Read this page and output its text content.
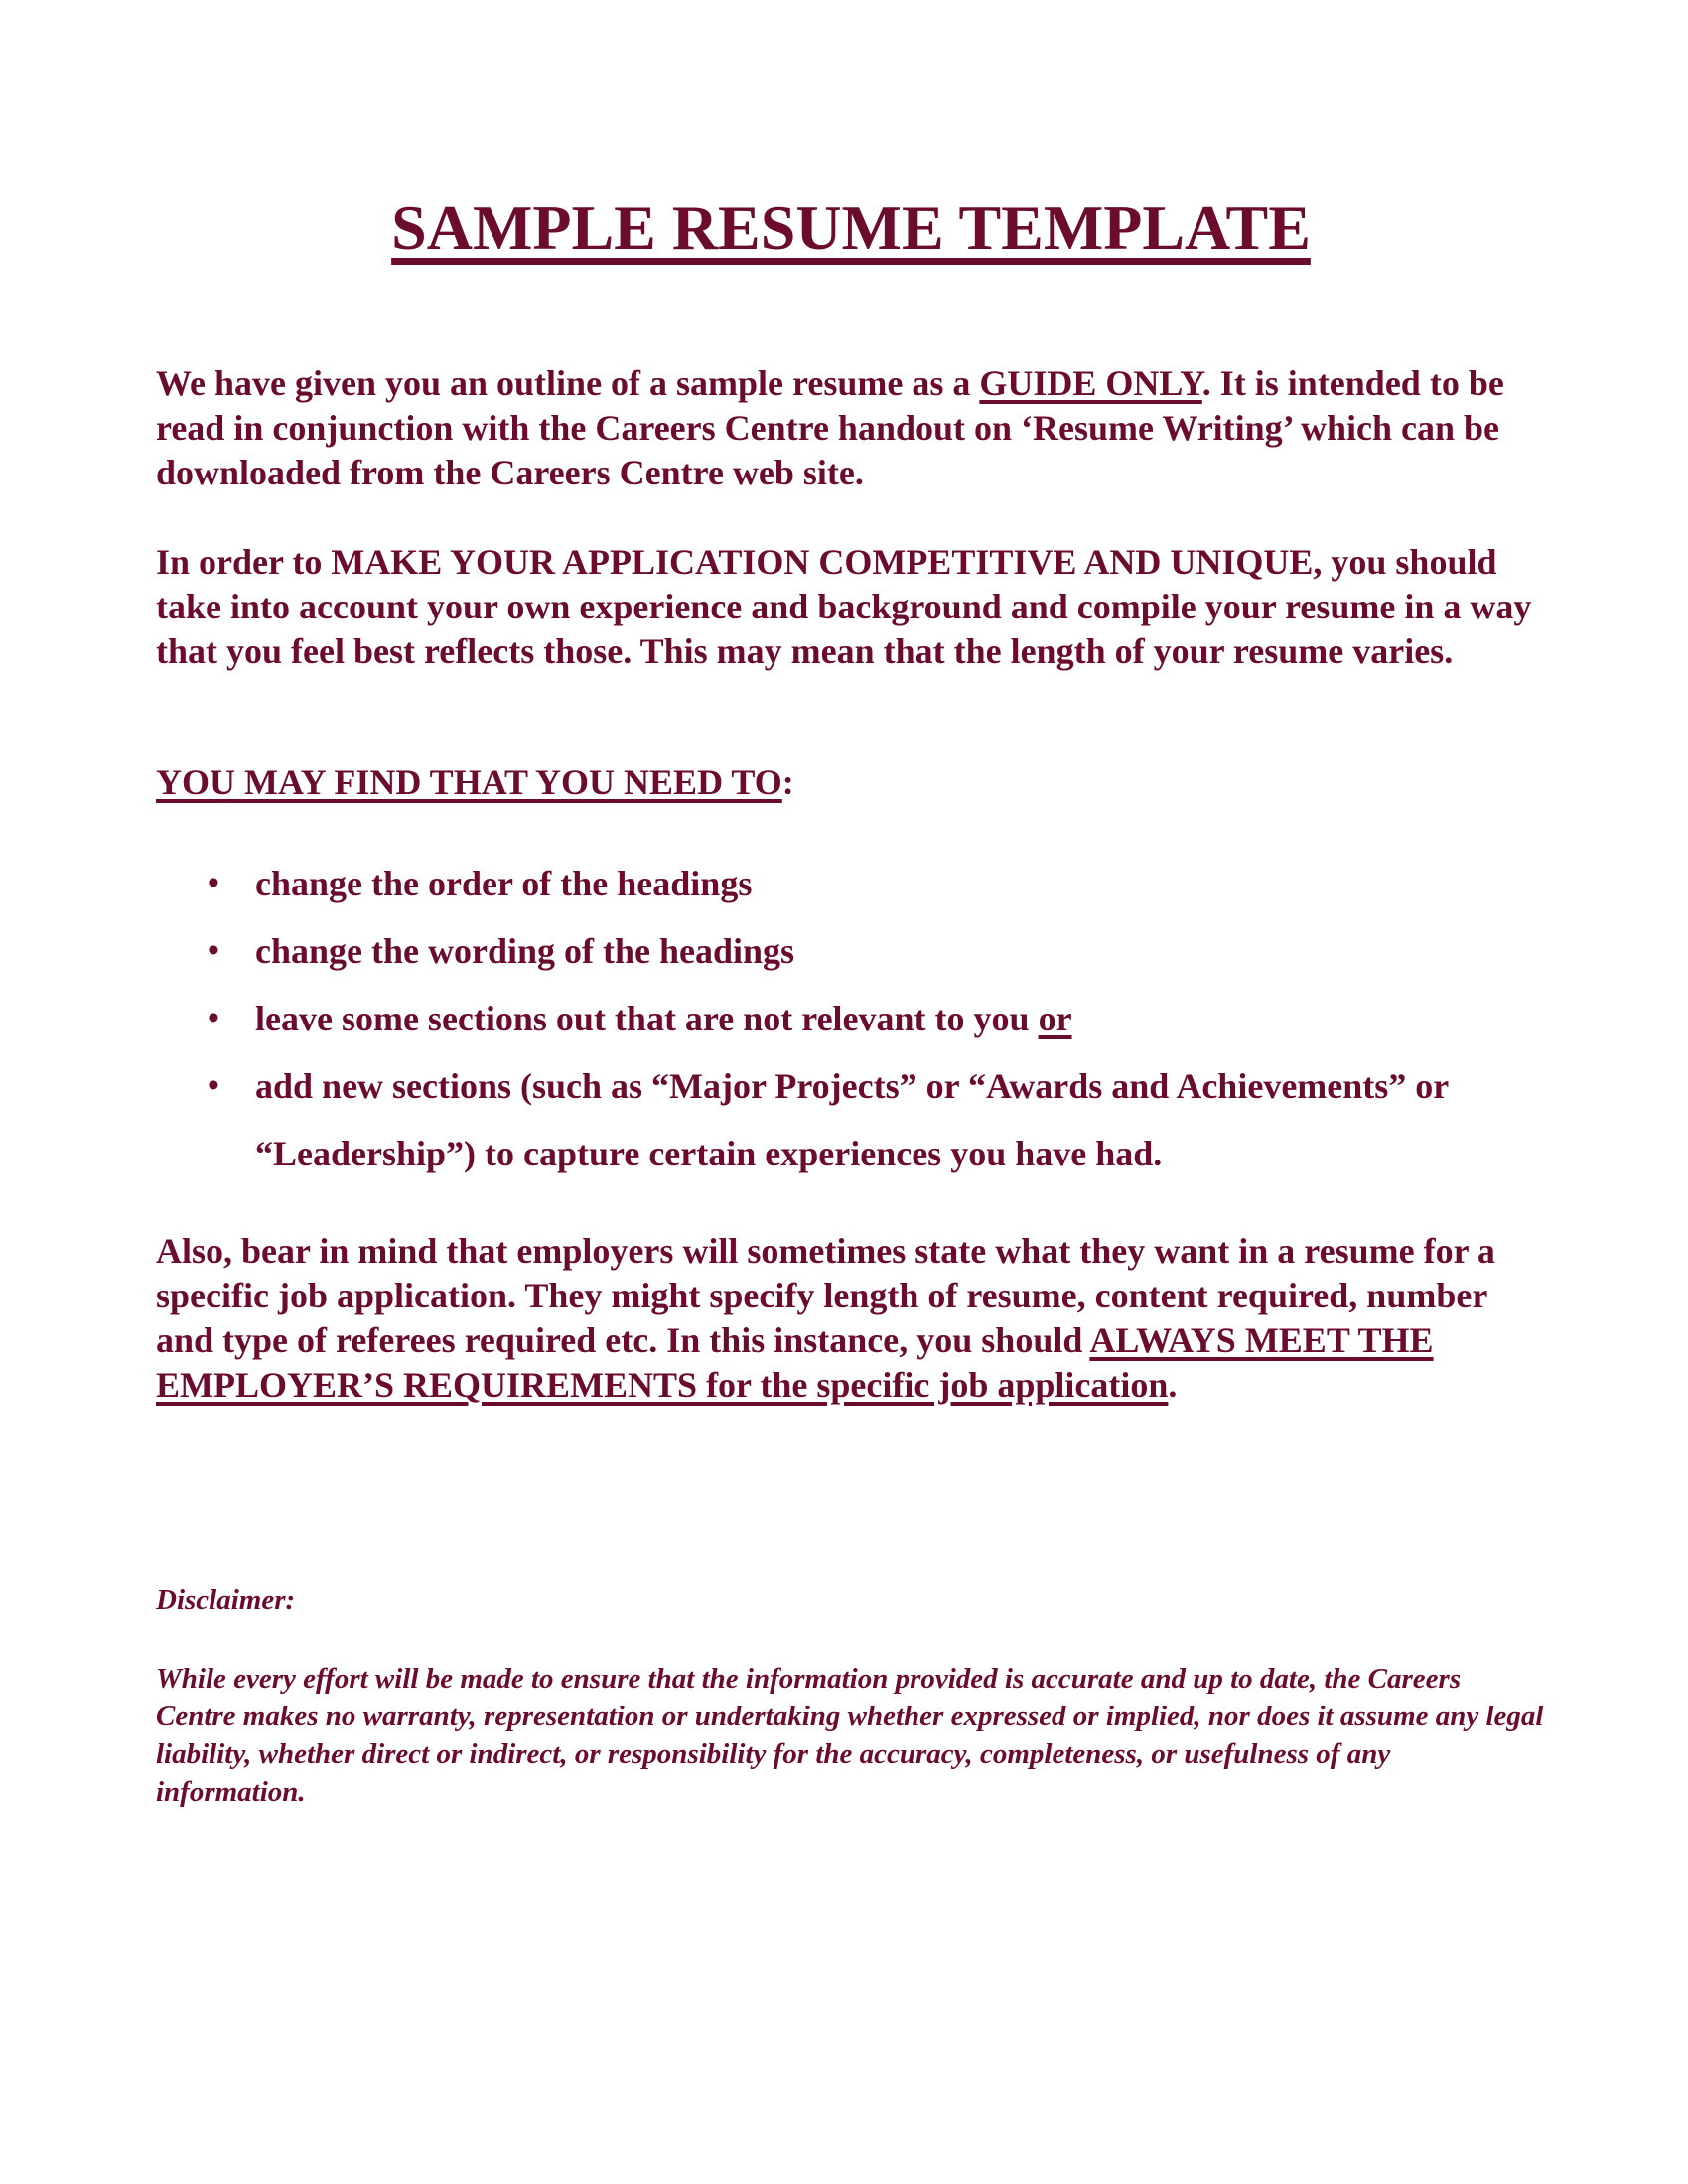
SAMPLE RESUME TEMPLATE

We have given you an outline of a sample resume as a GUIDE ONLY. It is intended to be read in conjunction with the Careers Centre handout on ‘Resume Writing’ which can be downloaded from the Careers Centre web site.

In order to MAKE YOUR APPLICATION COMPETITIVE AND UNIQUE, you should take into account your own experience and background and compile your resume in a way that you feel best reflects those. This may mean that the length of your resume varies.

YOU MAY FIND THAT YOU NEED TO:

• change the order of the headings
• change the wording of the headings
• leave some sections out that are not relevant to you or
• add new sections (such as “Major Projects” or “Awards and Achievements” or “Leadership”) to capture certain experiences you have had.

Also, bear in mind that employers will sometimes state what they want in a resume for a specific job application. They might specify length of resume, content required, number and type of referees required etc. In this instance, you should ALWAYS MEET THE EMPLOYER’S REQUIREMENTS for the specific job application.

Disclaimer:

While every effort will be made to ensure that the information provided is accurate and up to date, the Careers Centre makes no warranty, representation or undertaking whether expressed or implied, nor does it assume any legal liability, whether direct or indirect, or responsibility for the accuracy, completeness, or usefulness of any information.
